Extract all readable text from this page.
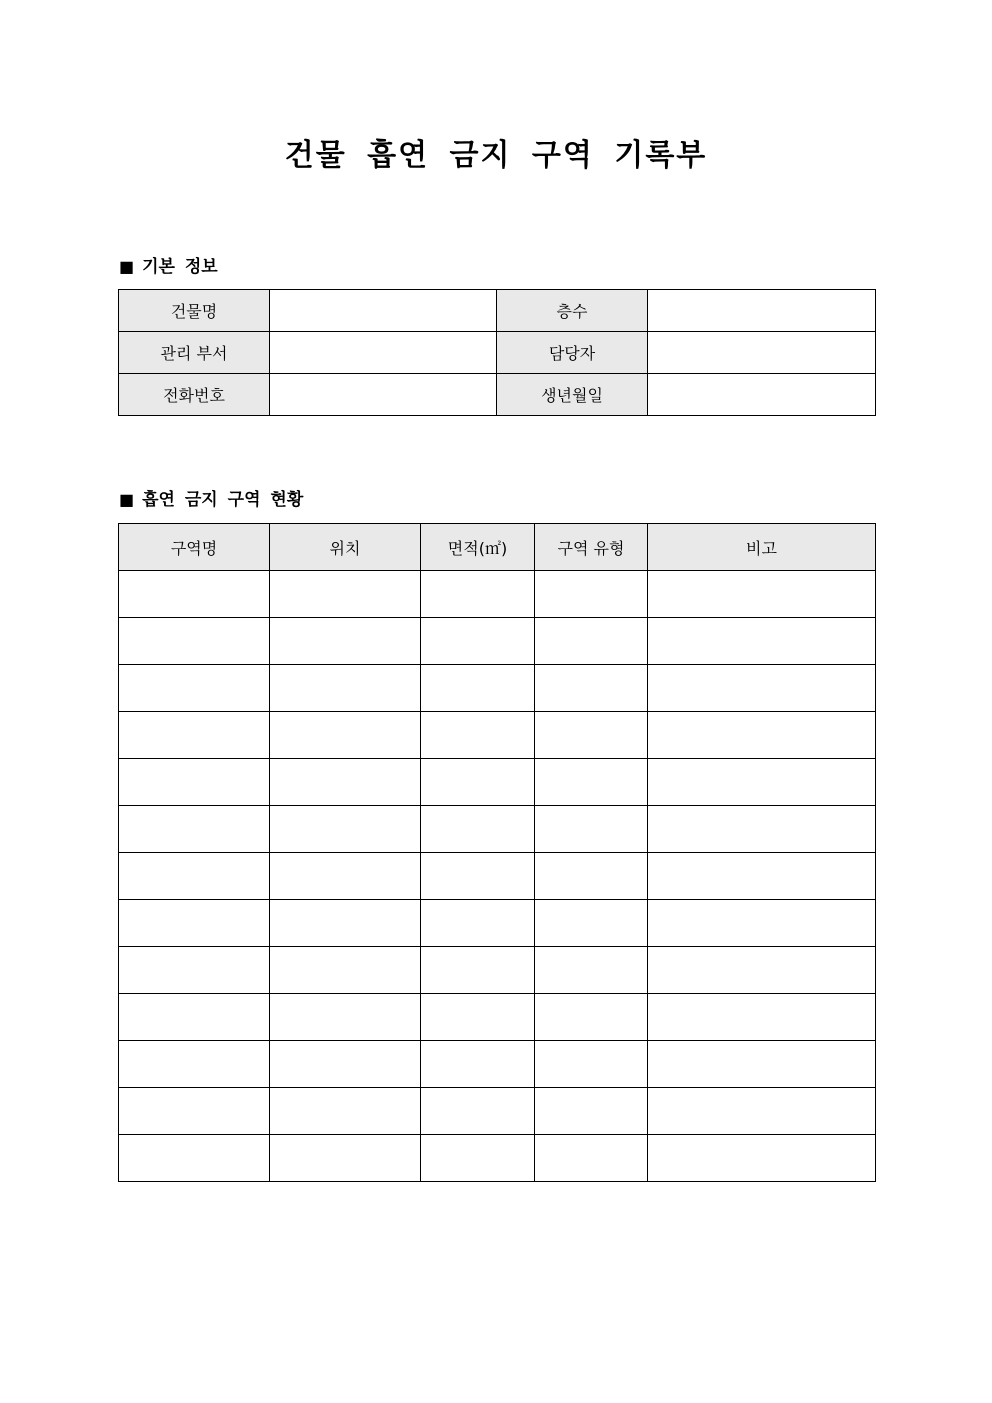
건물 흡연 금지 구역 기록부
■ 기본 정보
건물명		층수	
관리 부서		담당자	
전화번호		생년월일	
■ 흡연 금지 구역 현황
구역명	위치	면적(㎡)	구역 유형	비고
